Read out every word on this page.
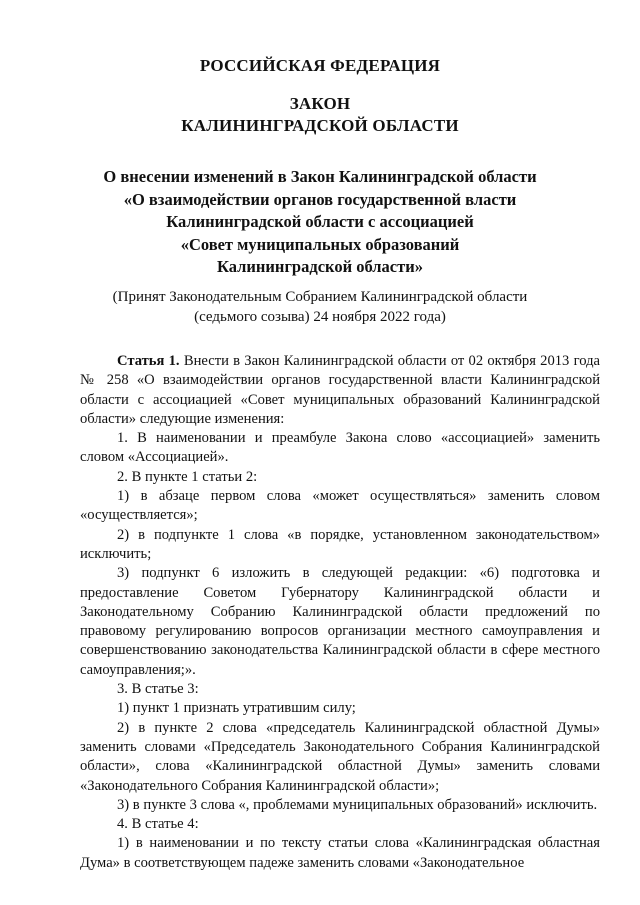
РОССИЙСКАЯ ФЕДЕРАЦИЯ
ЗАКОН
КАЛИНИНГРАДСКОЙ ОБЛАСТИ
О внесении изменений в Закон Калининградской области
«О взаимодействии органов государственной власти
Калининградской области с ассоциацией
«Совет муниципальных образований
Калининградской области»
(Принят Законодательным Собранием Калининградской области
(седьмого созыва) 24 ноября 2022 года)

Статья 1. Внести в Закон Калининградской области от 02 октября 2013 года № 258 «О взаимодействии органов государственной власти Калининградской области с ассоциацией «Совет муниципальных образований Калининградской области» следующие изменения:

1. В наименовании и преамбуле Закона слово «ассоциацией» заменить словом «Ассоциацией».

2. В пункте 1 статьи 2:

1) в абзаце первом слова «может осуществляться» заменить словом «осуществляется»;

2) в подпункте 1 слова «в порядке, установленном законодательством» исключить;

3) подпункт 6 изложить в следующей редакции: «6) подготовка и предоставление Советом Губернатору Калининградской области и Законодательному Собранию Калининградской области предложений по правовому регулированию вопросов организации местного самоуправления и совершенствованию законодательства Калининградской области в сфере местного самоуправления;».

3. В статье 3:

1) пункт 1 признать утратившим силу;

2) в пункте 2 слова «председатель Калининградской областной Думы» заменить словами «Председатель Законодательного Собрания Калининградской области», слова «Калининградской областной Думы» заменить словами «Законодательного Собрания Калининградской области»;

3) в пункте 3 слова «, проблемами муниципальных образований» исключить.

4. В статье 4:

1) в наименовании и по тексту статьи слова «Калининградская областная Дума» в соответствующем падеже заменить словами «Законодательное
